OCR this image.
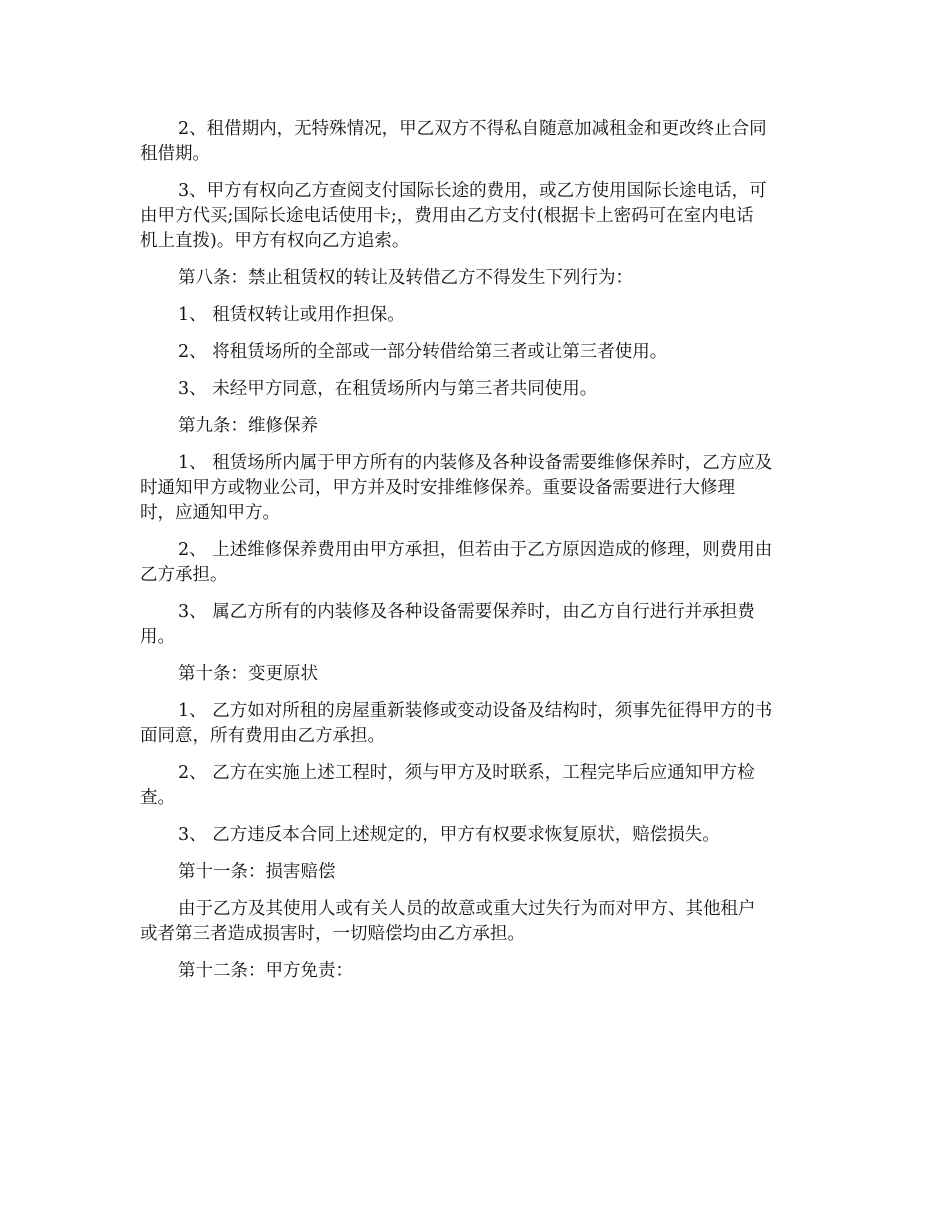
2、租借期内，无特殊情况，甲乙双方不得私自随意加减租金和更改终止合同
租借期。
3、甲方有权向乙方查阅支付国际长途的费用，或乙方使用国际长途电话，可
由甲方代买;国际长途电话使用卡;，费用由乙方支付(根据卡上密码可在室内电话
机上直拨)。甲方有权向乙方追索。
第八条：禁止租赁权的转让及转借乙方不得发生下列行为：
1、 租赁权转让或用作担保。
2、 将租赁场所的全部或一部分转借给第三者或让第三者使用。
3、 未经甲方同意，在租赁场所内与第三者共同使用。
第九条：维修保养
1、 租赁场所内属于甲方所有的内装修及各种设备需要维修保养时，乙方应及
时通知甲方或物业公司，甲方并及时安排维修保养。重要设备需要进行大修理
时，应通知甲方。
2、 上述维修保养费用由甲方承担，但若由于乙方原因造成的修理，则费用由
乙方承担。
3、 属乙方所有的内装修及各种设备需要保养时，由乙方自行进行并承担费
用。
第十条：变更原状
1、 乙方如对所租的房屋重新装修或变动设备及结构时，须事先征得甲方的书
面同意，所有费用由乙方承担。
2、 乙方在实施上述工程时，须与甲方及时联系，工程完毕后应通知甲方检
查。
3、 乙方违反本合同上述规定的，甲方有权要求恢复原状，赔偿损失。
第十一条：损害赔偿
由于乙方及其使用人或有关人员的故意或重大过失行为而对甲方、其他租户
或者第三者造成损害时，一切赔偿均由乙方承担。
第十二条：甲方免责：
